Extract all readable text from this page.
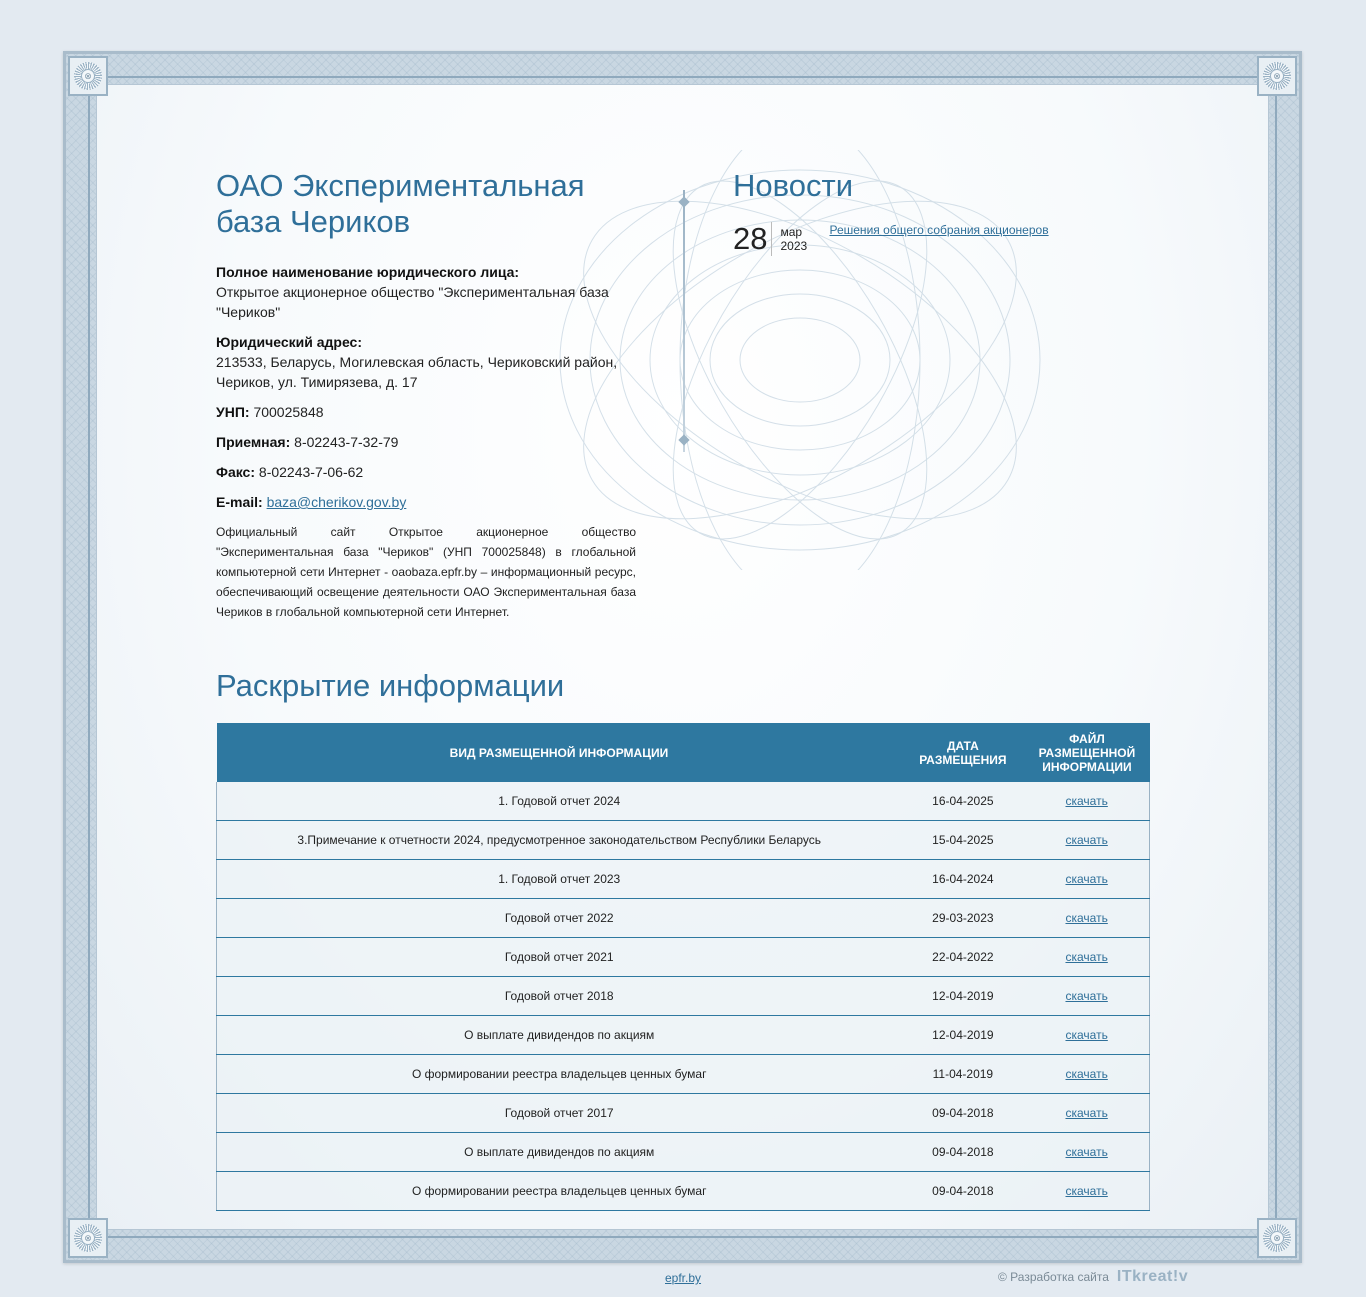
⊗	⊗
⊗	⊗
ОАО Экспериментальная база Чериков

Полное наименование юридического лица:
Открытое акционерное общество "Экспериментальная база "Чериков"

Юридический адрес:
213533, Беларусь, Могилевская область, Чериковский район, Чериков, ул. Тимирязева, д. 17

УНП: 700025848

Приемная: 8-02243-7-32-79

Факс: 8-02243-7-06-62

E-mail: baza@cherikov.gov.by

Официальный сайт Открытое акционерное общество "Экспериментальная база "Чериков" (УНП 700025848) в глобальной компьютерной сети Интернет - oaobaza.epfr.by – информационный ресурс, обеспечивающий освещение деятельности ОАО Экспериментальная база Чериков в глобальной компьютерной сети Интернет.
Новости
28	мар
2023
Решения общего собрания акционеров
Раскрытие информации
ВИД РАЗМЕЩЕННОЙ ИНФОРМАЦИИ	ДАТА РАЗМЕЩЕНИЯ	ФАЙЛ РАЗМЕЩЕННОЙ ИНФОРМАЦИИ
1. Годовой отчет 2024	16-04-2025	скачать
3.Примечание к отчетности 2024, предусмотренное законодательством Республики Беларусь	15-04-2025	скачать
1. Годовой отчет 2023	16-04-2024	скачать
Годовой отчет 2022	29-03-2023	скачать
Годовой отчет 2021	22-04-2022	скачать
Годовой отчет 2018	12-04-2019	скачать
О выплате дивидендов по акциям	12-04-2019	скачать
О формировании реестра владельцев ценных бумаг	11-04-2019	скачать
Годовой отчет 2017	09-04-2018	скачать
О выплате дивидендов по акциям	09-04-2018	скачать
О формировании реестра владельцев ценных бумаг	09-04-2018	скачать
epfr.by	© Разработка сайта ITkreat!v
